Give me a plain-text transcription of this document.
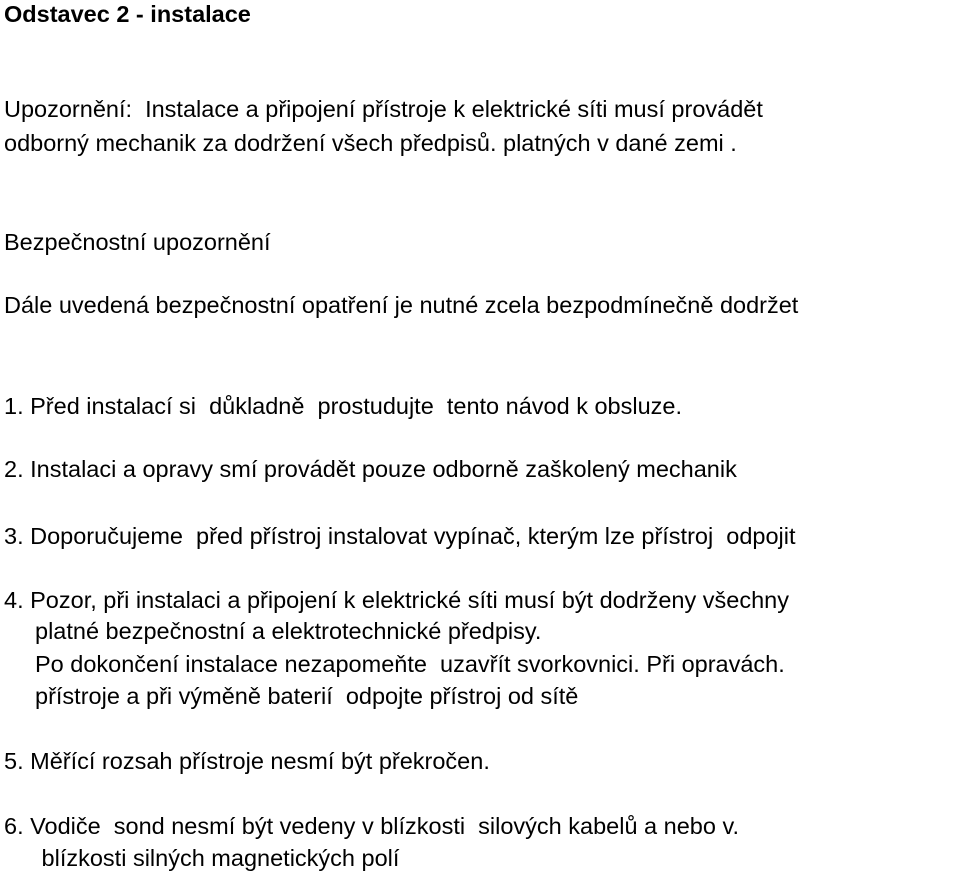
Odstavec 2 - instalace
Upozornění:  Instalace a připojení přístroje k elektrické síti musí provádět
odborný mechanik za dodržení všech předpisů. platných v dané zemi .
Bezpečnostní upozornění
Dále uvedená bezpečnostní opatření je nutné zcela bezpodmínečně dodržet
1. Před instalací si  důkladně  prostudujte  tento návod k obsluze.
2. Instalaci a opravy smí provádět pouze odborně zaškolený mechanik
3. Doporučujeme  před přístroj instalovat vypínač, kterým lze přístroj  odpojit
4. Pozor, při instalaci a připojení k elektrické síti musí být dodrženy všechny
platné bezpečnostní a elektrotechnické předpisy.
Po dokončení instalace nezapomeňte  uzavřít svorkovnici. Při opravách.
přístroje a při výměně baterií  odpojte přístroj od sítě
5. Měřící rozsah přístroje nesmí být překročen.
6. Vodiče  sond nesmí být vedeny v blízkosti  silových kabelů a nebo v.
blízkosti silných magnetických polí
